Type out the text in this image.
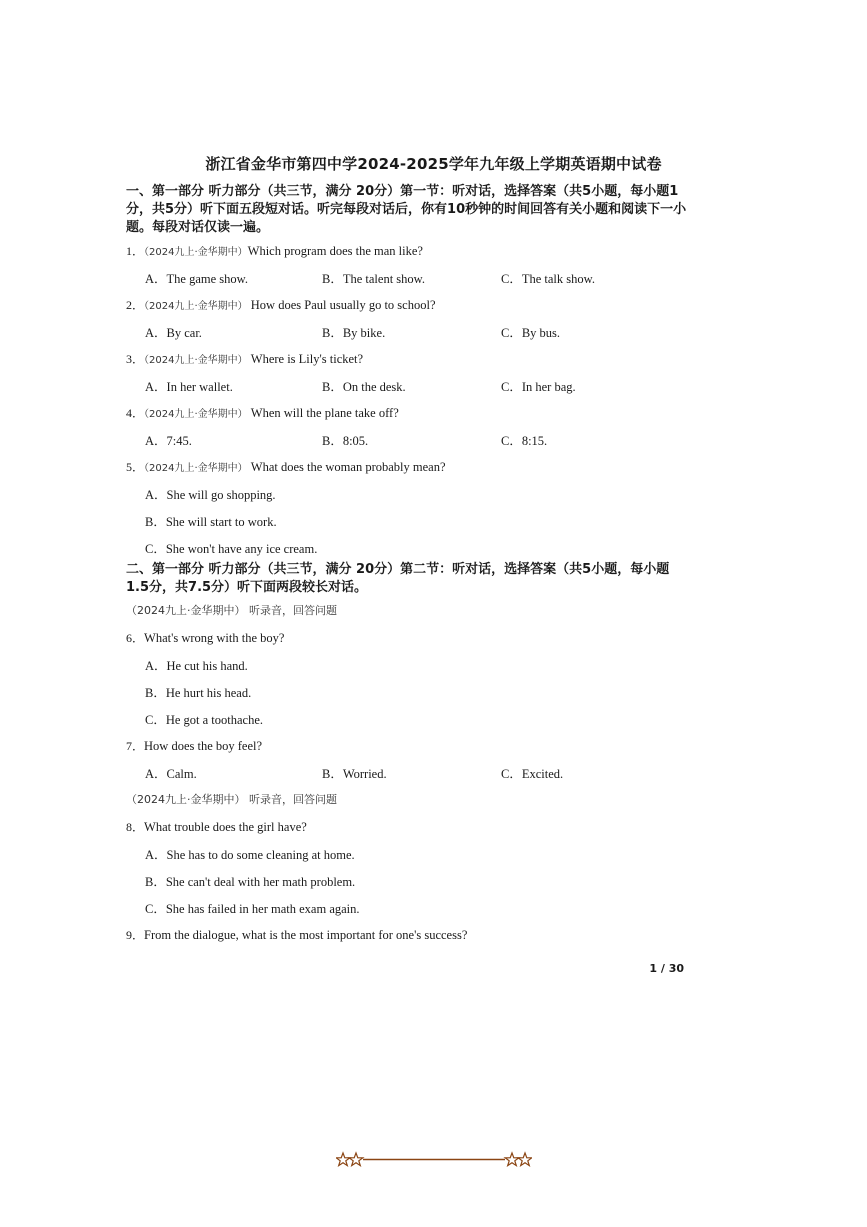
浙江省金华市第四中学2024-2025学年九年级上学期英语期中试卷
一、第一部分 听力部分（共三节，满分 20分）第一节：听对话，选择答案（共5小题，每小题1分，共5分）听下面五段短对话。听完每段对话后，你有10秒钟的时间回答有关小题和阅读下一小题。每段对话仅读一遍。
1．（2024九上·金华期中）Which program does the man like?
A．The game show.	B．The talent show.	C．The talk show.
2．（2024九上·金华期中） How does Paul usually go to school?
A．By car.	B．By bike.	C．By bus.
3．（2024九上·金华期中） Where is Lily's ticket?
A．In her wallet.	B．On the desk.	C．In her bag.
4．（2024九上·金华期中） When will the plane take off?
A．7:45.	B．8:05.	C．8:15.
5．（2024九上·金华期中） What does the woman probably mean?
A．She will go shopping.
B．She will start to work.
C．She won't have any ice cream.
二、第一部分 听力部分（共三节，满分 20分）第二节：听对话，选择答案（共5小题，每小题1.5分，共7.5分）听下面两段较长对话。
（2024九上·金华期中） 听录音，回答问题
6．What's wrong with the boy?
A．He cut his hand.
B．He hurt his head.
C．He got a toothache.
7．How does the boy feel?
A．Calm.	B．Worried.	C．Excited.
（2024九上·金华期中） 听录音，回答问题
8．What trouble does the girl have?
A．She has to do some cleaning at home.
B．She can't deal with her math problem.
C．She has failed in her math exam again.
9．From the dialogue, what is the most important for one's success?
1 / 30
